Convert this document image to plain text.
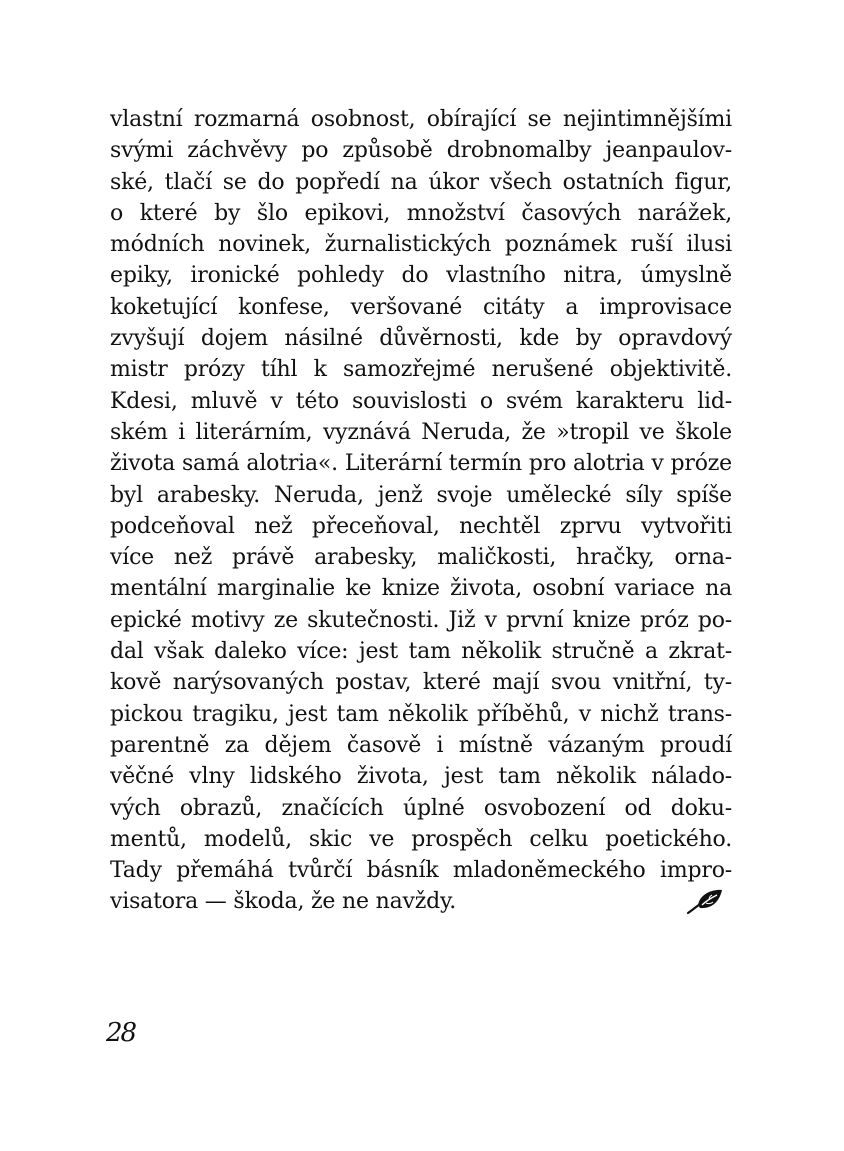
vlastní rozmarná osobnost, obírající se nejintimnějšími
svými záchvěvy po způsobě drobnomalby jeanpaulov-
ské, tlačí se do popředí na úkor všech ostatních figur,
o které by šlo epikovi, množství časových narážek,
módních novinek, žurnalistických poznámek ruší ilusi
epiky, ironické pohledy do vlastního nitra, úmyslně
koketující konfese, veršované citáty a improvisace
zvyšují dojem násilné důvěrnosti, kde by opravdový
mistr prózy tíhl k samozřejmé nerušené objektivitě.
Kdesi, mluvě v této souvislosti o svém karakteru lid-
ském i literárním, vyznává Neruda, že »tropil ve škole
života samá alotria«. Literární termín pro alotria v próze
byl arabesky. Neruda, jenž svoje umělecké síly spíše
podceňoval než přeceňoval, nechtěl zprvu vytvořiti
více než právě arabesky, maličkosti, hračky, orna-
mentální marginalie ke knize života, osobní variace na
epické motivy ze skutečnosti. Již v první knize próz po-
dal však daleko více: jest tam několik stručně a zkrat-
kově narýsovaných postav, které mají svou vnitřní, ty-
pickou tragiku, jest tam několik příběhů, v nichž trans-
parentně za dějem časově i místně vázaným proudí
věčné vlny lidského života, jest tam několik nálado-
vých obrazů, značících úplné osvobození od doku-
mentů, modelů, skic ve prospěch celku poetického.
Tady přemáhá tvůrčí básník mladoněmeckého impro-
visatora — škoda, že ne navždy.
28
